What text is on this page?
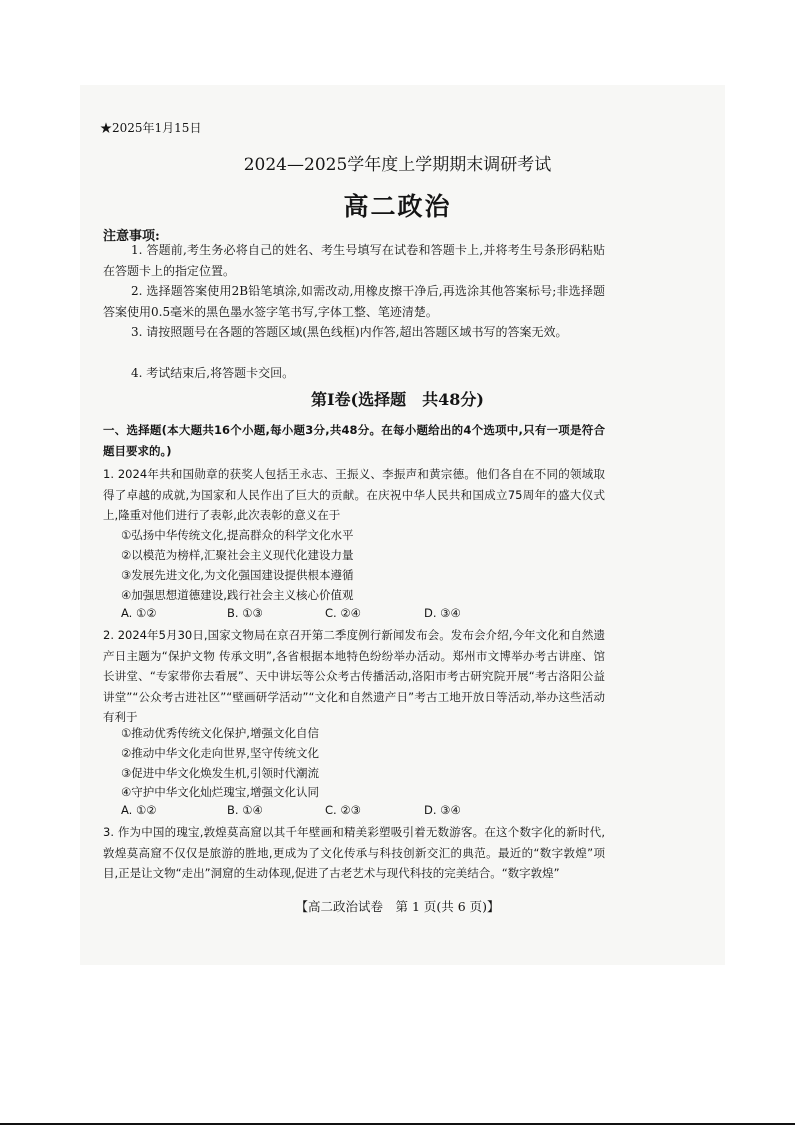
★2025年1月15日
2024—2025学年度上学期期末调研考试
高二政治
注意事项:
1. 答题前,考生务必将自己的姓名、考生号填写在试卷和答题卡上,并将考生号条形码粘贴在答题卡上的指定位置。
2. 选择题答案使用2B铅笔填涂,如需改动,用橡皮擦干净后,再选涂其他答案标号;非选择题答案使用0.5毫米的黑色墨水签字笔书写,字体工整、笔迹清楚。
3. 请按照题号在各题的答题区域(黑色线框)内作答,超出答题区域书写的答案无效。
4. 考试结束后,将答题卡交回。
第Ⅰ卷(选择题　共48分)
一、选择题(本大题共16个小题,每小题3分,共48分。在每小题给出的4个选项中,只有一项是符合题目要求的。)
1. 2024年共和国勋章的获奖人包括王永志、王振义、李振声和黄宗德。他们各自在不同的领域取得了卓越的成就,为国家和人民作出了巨大的贡献。在庆祝中华人民共和国成立75周年的盛大仪式上,隆重对他们进行了表彰,此次表彰的意义在于
①弘扬中华传统文化,提高群众的科学文化水平
②以模范为榜样,汇聚社会主义现代化建设力量
③发展先进文化,为文化强国建设提供根本遵循
④加强思想道德建设,践行社会主义核心价值观
A. ①②	B. ①③	C. ②④	D. ③④
2. 2024年5月30日,国家文物局在京召开第二季度例行新闻发布会。发布会介绍,今年文化和自然遗产日主题为“保护文物 传承文明”,各省根据本地特色纷纷举办活动。郑州市文博举办考古讲座、馆长讲堂、“专家带你去看展”、天中讲坛等公众考古传播活动,洛阳市考古研究院开展“考古洛阳公益讲堂”“公众考古进社区”“壁画研学活动”“文化和自然遗产日”考古工地开放日等活动,举办这些活动有利于
①推动优秀传统文化保护,增强文化自信
②推动中华文化走向世界,坚守传统文化
③促进中华文化焕发生机,引领时代潮流
④守护中华文化灿烂瑰宝,增强文化认同
A. ①②	B. ①④	C. ②③	D. ③④
3. 作为中国的瑰宝,敦煌莫高窟以其千年壁画和精美彩塑吸引着无数游客。在这个数字化的新时代,敦煌莫高窟不仅仅是旅游的胜地,更成为了文化传承与科技创新交汇的典范。最近的“数字敦煌”项目,正是让文物“走出”洞窟的生动体现,促进了古老艺术与现代科技的完美结合。“数字敦煌”
【高二政治试卷　第 1 页(共 6 页)】
